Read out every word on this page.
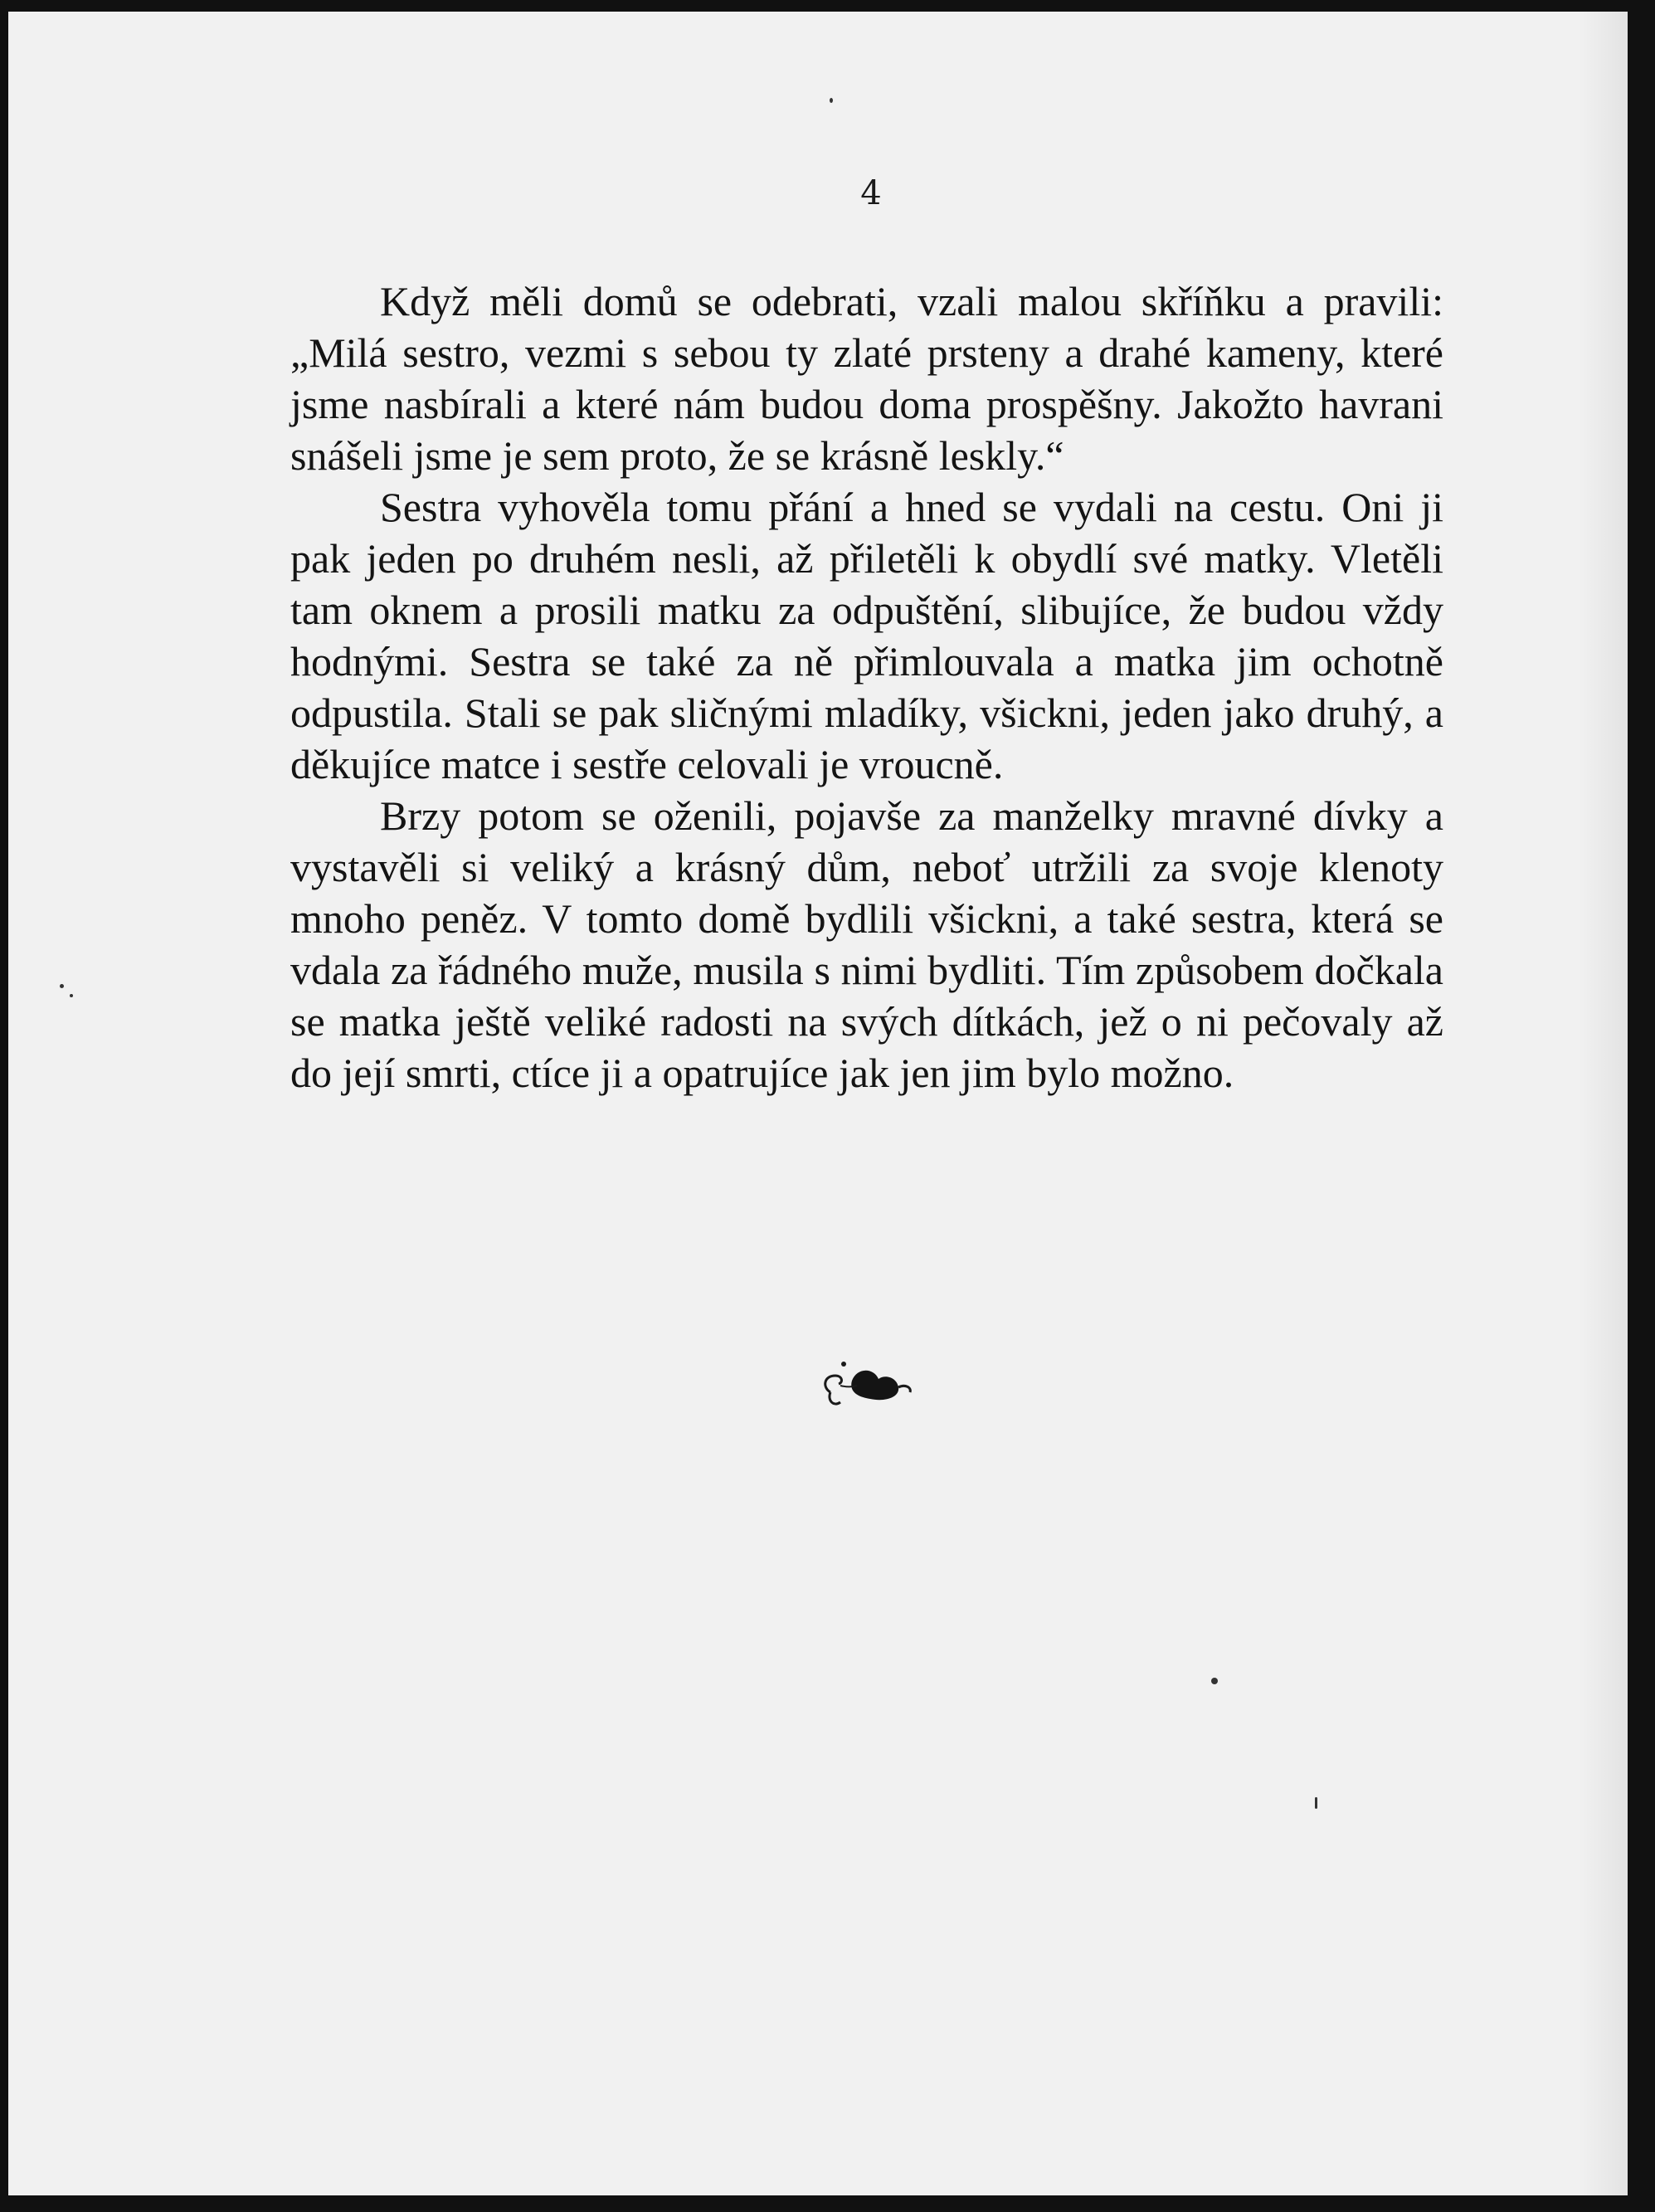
4

Když měli domů se odebrati, vzali malou skříňku a pravili: „Milá sestro, vezmi s sebou ty zlaté prsteny a drahé kameny, které jsme nasbírali a které nám budou doma prospěšny. Jakožto havrani snášeli jsme je sem proto, že se krásně leskly.“

Sestra vyhověla tomu přání a hned se vydali na cestu. Oni ji pak jeden po druhém nesli, až přiletěli k obydlí své matky. Vletěli tam oknem a prosili matku za odpuštění, slibujíce, že budou vždy hodnými. Sestra se také za ně přimlouvala a matka jim ochotně odpustila. Stali se pak sličnými mladíky, všickni, jeden jako druhý, a děkujíce matce i sestře celovali je vroucně.

Brzy potom se oženili, pojavše za manželky mravné dívky a vystavěli si veliký a krásný dům, neboť utržili za svoje klenoty mnoho peněz. V tomto domě bydlili všickni, a také sestra, která se vdala za řádného muže, musila s nimi bydliti. Tím způsobem dočkala se matka ještě veliké radosti na svých dítkách, jež o ni pečovaly až do její smrti, ctíce ji a opatrujíce jak jen jim bylo možno.
